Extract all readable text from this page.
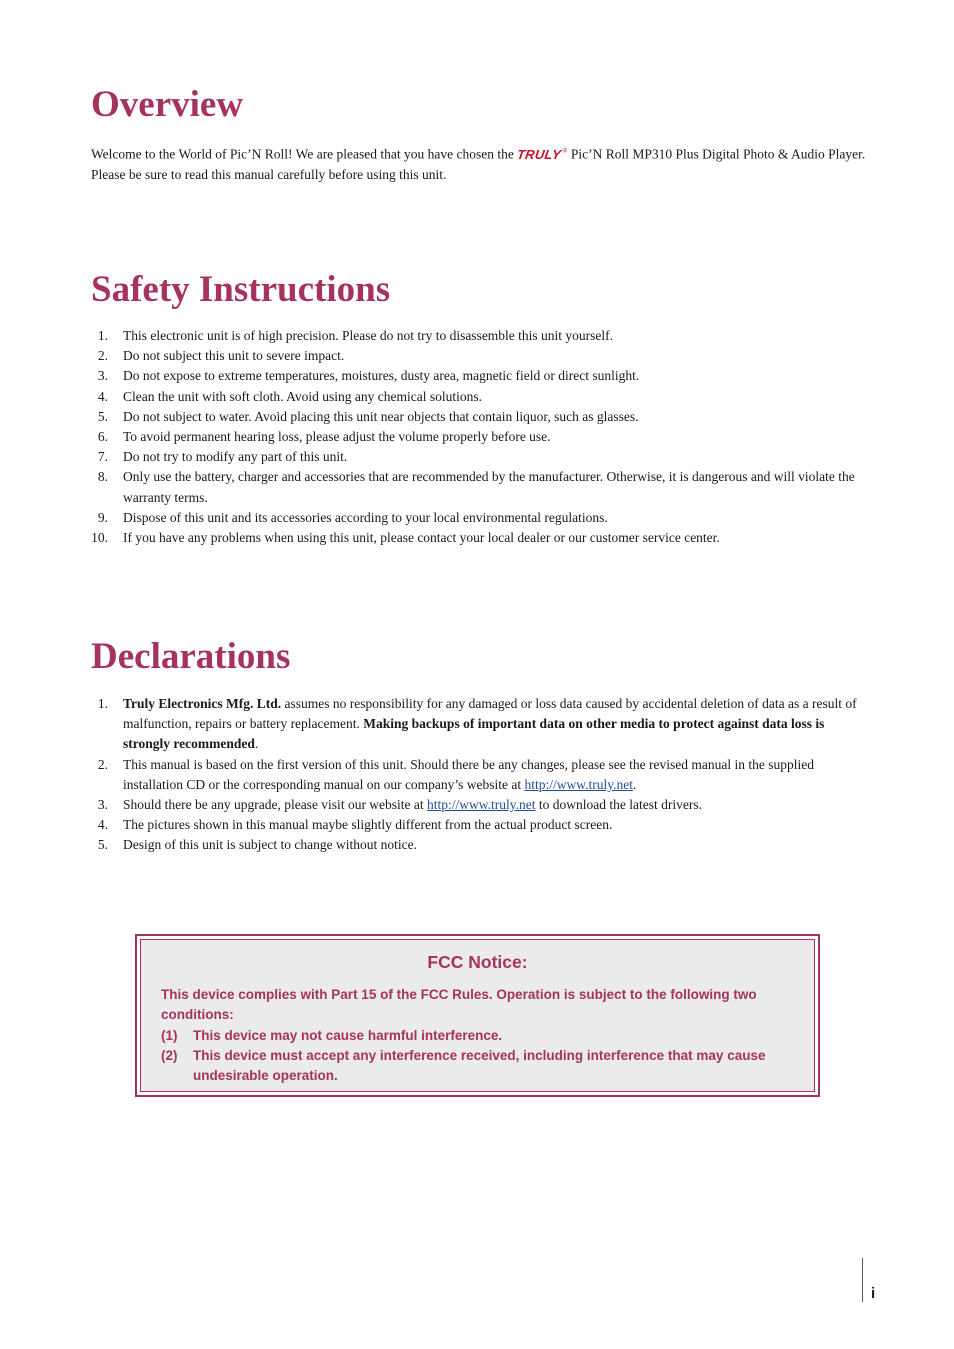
Overview

Welcome to the World of Pic’N Roll! We are pleased that you have chosen the TRULY® Pic’N Roll MP310 Plus Digital Photo & Audio Player. Please be sure to read this manual carefully before using this unit.

Safety Instructions
1. This electronic unit is of high precision. Please do not try to disassemble this unit yourself.
2. Do not subject this unit to severe impact.
3. Do not expose to extreme temperatures, moistures, dusty area, magnetic field or direct sunlight.
4. Clean the unit with soft cloth. Avoid using any chemical solutions.
5. Do not subject to water. Avoid placing this unit near objects that contain liquor, such as glasses.
6. To avoid permanent hearing loss, please adjust the volume properly before use.
7. Do not try to modify any part of this unit.
8. Only use the battery, charger and accessories that are recommended by the manufacturer. Otherwise, it is dangerous and will violate the warranty terms.
9. Dispose of this unit and its accessories according to your local environmental regulations.
10. If you have any problems when using this unit, please contact your local dealer or our customer service center.
Declarations
1. Truly Electronics Mfg. Ltd. assumes no responsibility for any damaged or loss data caused by accidental deletion of data as a result of malfunction, repairs or battery replacement. Making backups of important data on other media to protect against data loss is strongly recommended.
2. This manual is based on the first version of this unit. Should there be any changes, please see the revised manual in the supplied installation CD or the corresponding manual on our company’s website at http://www.truly.net.
3. Should there be any upgrade, please visit our website at http://www.truly.net to download the latest drivers.
4. The pictures shown in this manual maybe slightly different from the actual product screen.
5. Design of this unit is subject to change without notice.

FCC Notice:

This device complies with Part 15 of the FCC Rules. Operation is subject to the following two conditions:

(1) This device may not cause harmful interference.
(2) This device must accept any interference received, including interference that may cause undesirable operation.
i
